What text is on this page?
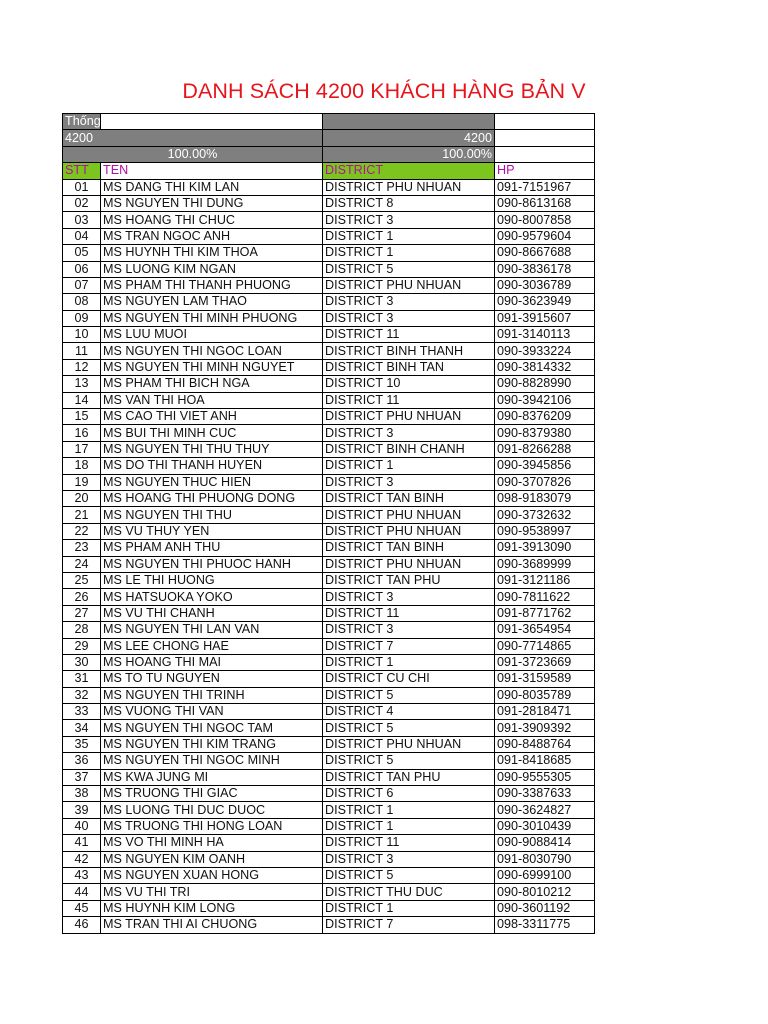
DANH SÁCH 4200 KHÁCH HÀNG BẢN V
Thống kê/Tỷ lệ			
4200		4200	
100.00%		100.00%	
STT	TEN	DISTRICT	HP
01	MS DANG THI KIM LAN	DISTRICT PHU NHUAN	091-7151967
02	MS NGUYEN THI DUNG	DISTRICT 8	090-8613168
03	MS HOANG THI CHUC	DISTRICT 3	090-8007858
04	MS TRAN NGOC ANH	DISTRICT 1	090-9579604
05	MS HUYNH THI KIM THOA	DISTRICT 1	090-8667688
06	MS LUONG KIM NGAN	DISTRICT 5	090-3836178
07	MS PHAM THI THANH PHUONG	DISTRICT PHU NHUAN	090-3036789
08	MS NGUYEN LAM THAO	DISTRICT 3	090-3623949
09	MS NGUYEN THI MINH PHUONG	DISTRICT 3	091-3915607
10	MS LUU MUOI	DISTRICT 11	091-3140113
11	MS NGUYEN THI NGOC LOAN	DISTRICT BINH THANH	090-3933224
12	MS NGUYEN THI MINH NGUYET	DISTRICT BINH TAN	090-3814332
13	MS PHAM THI BICH NGA	DISTRICT 10	090-8828990
14	MS VAN THI HOA	DISTRICT 11	090-3942106
15	MS CAO THI VIET ANH	DISTRICT PHU NHUAN	090-8376209
16	MS BUI THI MINH CUC	DISTRICT 3	090-8379380
17	MS NGUYEN THI THU THUY	DISTRICT BINH CHANH	091-8266288
18	MS DO THI THANH HUYEN	DISTRICT 1	090-3945856
19	MS NGUYEN THUC HIEN	DISTRICT 3	090-3707826
20	MS HOANG THI PHUONG DONG	DISTRICT TAN BINH	098-9183079
21	MS NGUYEN THI THU	DISTRICT PHU NHUAN	090-3732632
22	MS VU THUY YEN	DISTRICT PHU NHUAN	090-9538997
23	MS PHAM ANH THU	DISTRICT TAN BINH	091-3913090
24	MS NGUYEN THI PHUOC HANH	DISTRICT PHU NHUAN	090-3689999
25	MS LE THI HUONG	DISTRICT TAN PHU	091-3121186
26	MS HATSUOKA YOKO	DISTRICT 3	090-7811622
27	MS VU THI CHANH	DISTRICT 11	091-8771762
28	MS NGUYEN THI LAN VAN	DISTRICT 3	091-3654954
29	MS LEE CHONG HAE	DISTRICT 7	090-7714865
30	MS HOANG THI MAI	DISTRICT 1	091-3723669
31	MS TO TU NGUYEN	DISTRICT CU CHI	091-3159589
32	MS NGUYEN THI TRINH	DISTRICT 5	090-8035789
33	MS VUONG THI VAN	DISTRICT 4	091-2818471
34	MS NGUYEN THI NGOC TAM	DISTRICT 5	091-3909392
35	MS NGUYEN THI KIM TRANG	DISTRICT PHU NHUAN	090-8488764
36	MS NGUYEN THI NGOC MINH	DISTRICT 5	091-8418685
37	MS KWA JUNG MI	DISTRICT TAN PHU	090-9555305
38	MS TRUONG THI GIAC	DISTRICT 6	090-3387633
39	MS LUONG THI DUC DUOC	DISTRICT 1	090-3624827
40	MS TRUONG THI HONG LOAN	DISTRICT 1	090-3010439
41	MS VO THI MINH HA	DISTRICT 11	090-9088414
42	MS NGUYEN KIM OANH	DISTRICT 3	091-8030790
43	MS NGUYEN XUAN HONG	DISTRICT 5	090-6999100
44	MS VU THI TRI	DISTRICT THU DUC	090-8010212
45	MS HUYNH KIM LONG	DISTRICT 1	090-3601192
46	MS TRAN THI AI CHUONG	DISTRICT 7	098-3311775
